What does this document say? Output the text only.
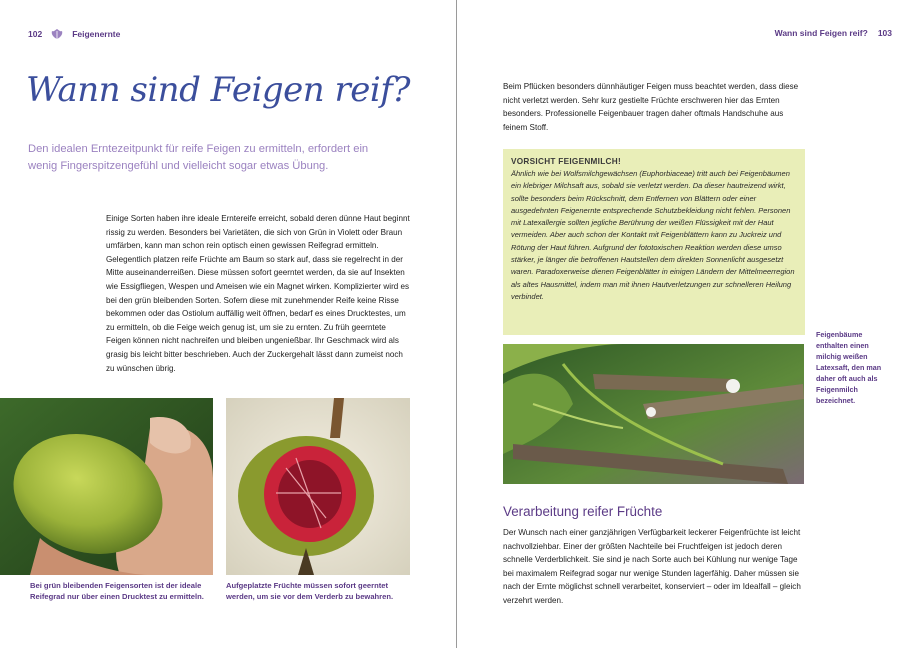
102	Feigenernte
Wann sind Feigen reif?
Den idealen Erntezeitpunkt für reife Feigen zu ermitteln, erfordert ein wenig Fingerspitzengefühl und vielleicht sogar etwas Übung.
Einige Sorten haben ihre ideale Erntereife erreicht, sobald deren dünne Haut beginnt rissig zu werden. Besonders bei Varietäten, die sich von Grün in Violett oder Braun umfärben, kann man schon rein optisch einen gewissen Reifegrad ermitteln. Gelegentlich platzen reife Früchte am Baum so stark auf, dass sie regelrecht in der Mitte auseinanderreißen. Diese müssen sofort geerntet werden, da sie auf Insekten wie Essigfliegen, Wespen und Ameisen wie ein Magnet wirken. Komplizierter wird es bei den grün bleibenden Sorten. Sofern diese mit zunehmender Reife keine Risse bekommen oder das Ostiolum auffällig weit öffnen, bedarf es eines Drucktestes, um zu ermitteln, ob die Feige weich genug ist, um sie zu ernten. Zu früh geerntete Feigen können nicht nachreifen und bleiben ungenießbar. Ihr Geschmack wird als grasig bis leicht bitter beschrieben. Auch der Zuckergehalt lässt dann zumeist noch zu wünschen übrig.
Bei grün bleibenden Feigensorten ist der ideale Reifegrad nur über einen Drucktest zu ermitteln.
Aufgeplatzte Früchte müssen sofort geerntet werden, um sie vor dem Verderb zu bewahren.
Wann sind Feigen reif? 103
Beim Pflücken besonders dünnhäutiger Feigen muss beachtet werden, dass diese nicht verletzt werden. Sehr kurz gestielte Früchte erschweren hier das Ernten besonders. Professionelle Feigenbauer tragen daher oftmals Handschuhe aus feinem Stoff.
VORSICHT FEIGENMILCH!
Ähnlich wie bei Wolfsmilchgewächsen (Euphorbiaceae) tritt auch bei Feigenbäumen ein klebriger Milchsaft aus, sobald sie verletzt werden. Da dieser hautreizend wirkt, sollte besonders beim Rückschnitt, dem Entfernen von Blättern oder einer ausgedehnten Feigenernte entsprechende Schutzbekleidung nicht fehlen. Personen mit Latexallergie sollten jegliche Berührung der weißen Flüssigkeit mit der Haut vermeiden. Aber auch schon der Kontakt mit Feigenblättern kann zu Juckreiz und Rötung der Haut führen. Aufgrund der fototoxischen Reaktion werden diese umso stärker, je länger die betroffenen Hautstellen dem direkten Sonnenlicht ausgesetzt waren. Paradoxerweise dienen Feigenblätter in einigen Ländern der Mittelmeerregion als altes Hausmittel, indem man mit ihnen Hautverletzungen zur schnelleren Heilung verbindet.
Feigenbäume enthalten einen milchig weißen Latexsaft, den man daher oft auch als Feigenmilch bezeichnet.
Verarbeitung reifer Früchte
Der Wunsch nach einer ganzjährigen Verfügbarkeit leckerer Feigenfrüchte ist leicht nachvollziehbar. Einer der größten Nachteile bei Fruchtfeigen ist jedoch deren schnelle Verderblichkeit. Sie sind je nach Sorte auch bei Kühlung nur wenige Tage bei maximalem Reifegrad sogar nur wenige Stunden lagerfähig. Daher müssen sie nach der Ernte möglichst schnell verarbeitet, konserviert – oder im Idealfall – gleich verzehrt werden.
